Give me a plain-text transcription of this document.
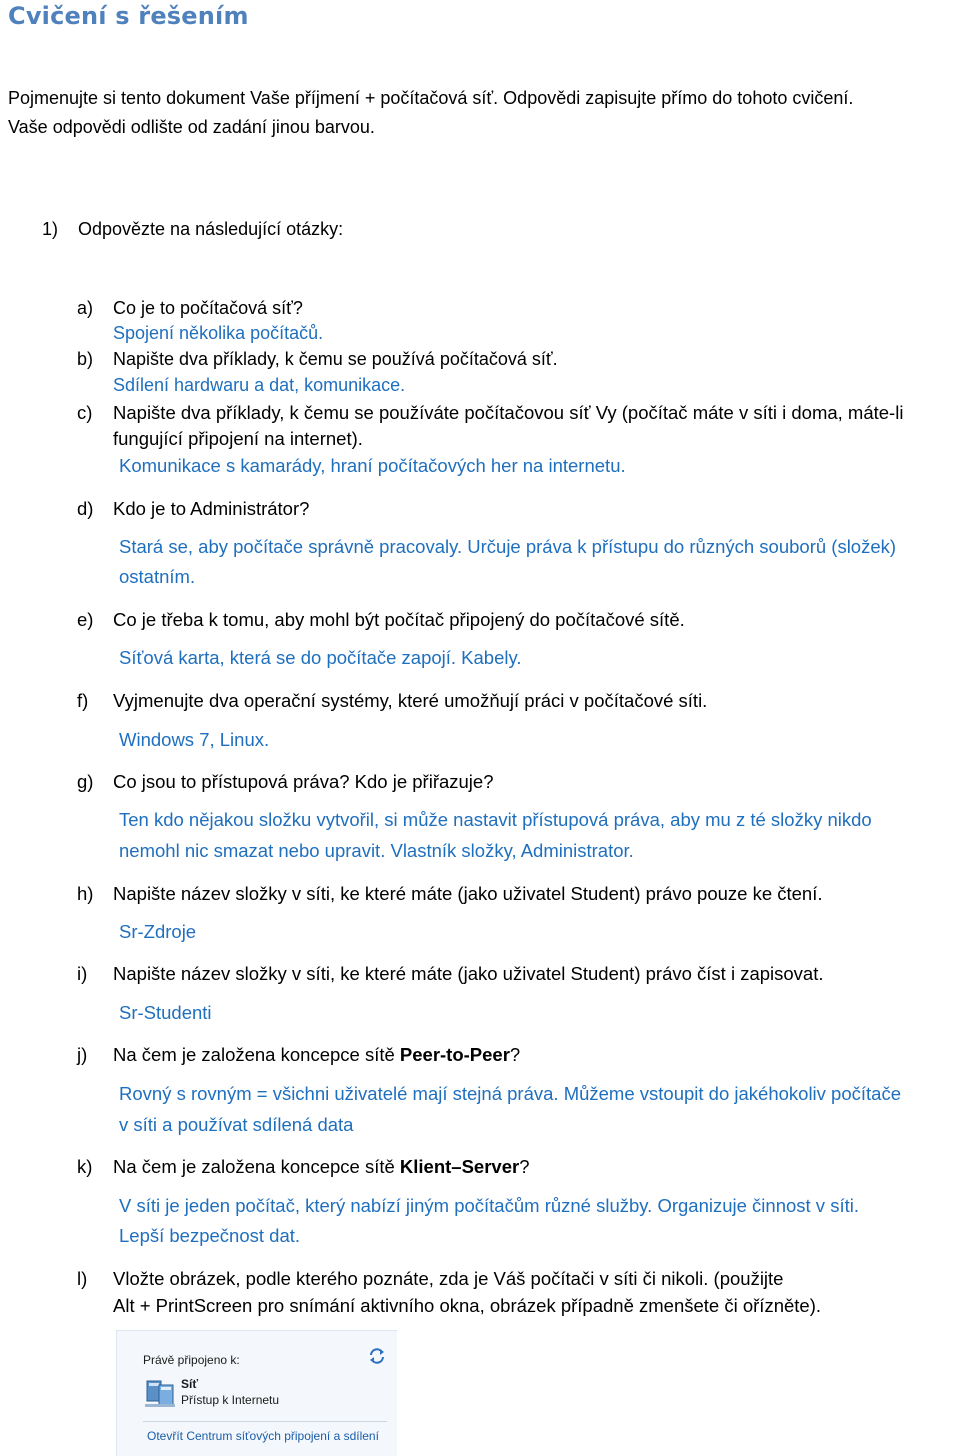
Cvičení s řešením
Pojmenujte si tento dokument Vaše příjmení + počítačová síť. Odpovědi zapisujte přímo do tohoto cvičení.
Vaše odpovědi odlište od zadání jinou barvou.
1) Odpovězte na následující otázky:
a) Co je to počítačová síť?
Spojení několika počítačů.
b) Napište dva příklady, k čemu se používá počítačová síť.
Sdílení hardwaru a dat, komunikace.
c) Napište dva příklady, k čemu se používáte počítačovou síť Vy (počítač máte v síti i doma, máte-li
fungující připojení na internet).
Komunikace s kamarády, hraní počítačových her na internetu.
d) Kdo je to Administrátor?
Stará se, aby počítače správně pracovaly. Určuje práva k přístupu do různých souborů (složek)
ostatním.
e) Co je třeba k tomu, aby mohl být počítač připojený do počítačové sítě.
Síťová karta, která se do počítače zapojí. Kabely.
f) Vyjmenujte dva operační systémy, které umožňují práci v počítačové síti.
Windows 7, Linux.
g) Co jsou to přístupová práva? Kdo je přiřazuje?
Ten kdo nějakou složku vytvořil, si může nastavit přístupová práva, aby mu z té složky nikdo
nemohl nic smazat nebo upravit. Vlastník složky, Administrator.
h) Napište název složky v síti, ke které máte (jako uživatel Student) právo pouze ke čtení.
Sr-Zdroje
i) Napište název složky v síti, ke které máte (jako uživatel Student) právo číst i zapisovat.
Sr-Studenti
j) Na čem je založena koncepce sítě Peer-to-Peer?
Rovný s rovným = všichni uživatelé mají stejná práva. Můžeme vstoupit do jakéhokoliv počítače
v síti a používat sdílená data
k) Na čem je založena koncepce sítě Klient–Server?
V síti je jeden počítač, který nabízí jiným počítačům různé služby. Organizuje činnost v síti.
Lepší bezpečnost dat.
l) Vložte obrázek, podle kterého poznáte, zda je Váš počítači v síti či nikoli. (použijte
Alt + PrintScreen pro snímání aktivního okna, obrázek případně zmenšete či ořízněte).
Právě připojeno k:
Síť
Přístup k Internetu
Otevřít Centrum síťových připojení a sdílení
